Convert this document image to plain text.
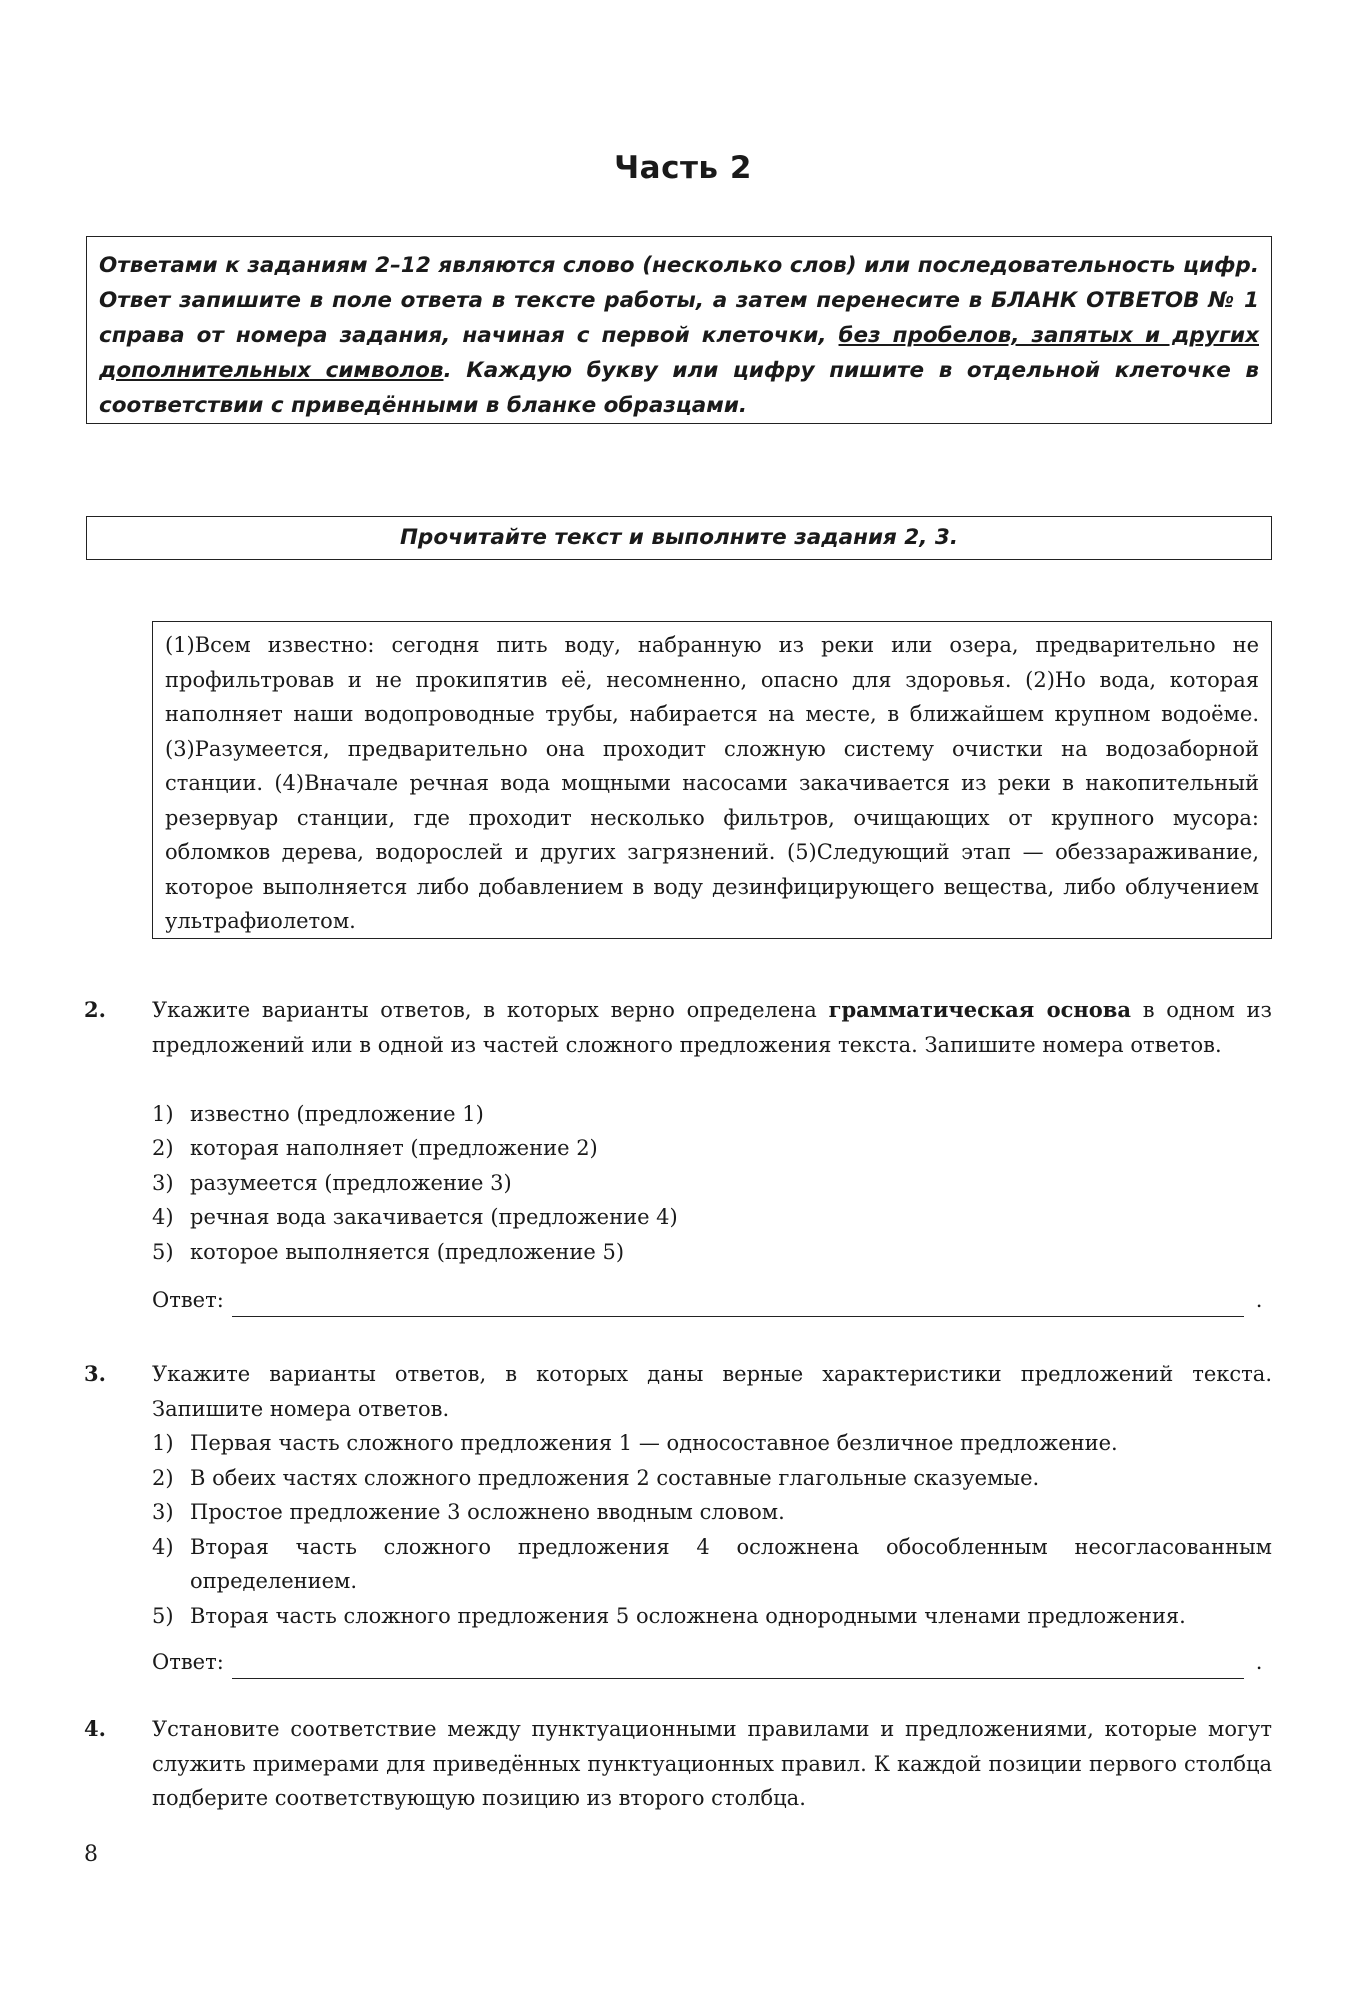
Часть 2
Ответами к заданиям 2–12 являются слово (несколько слов) или последовательность цифр. Ответ запишите в поле ответа в тексте работы, а затем перенесите в БЛАНК ОТВЕТОВ № 1 справа от номера задания, начиная с первой клеточки, без пробелов, запятых и других дополнительных символов. Каждую букву или цифру пишите в отдельной клеточке в соответствии с приведёнными в бланке образцами.
Прочитайте текст и выполните задания 2, 3.
(1)Всем известно: сегодня пить воду, набранную из реки или озера, предварительно не профильтровав и не прокипятив её, несомненно, опасно для здоровья. (2)Но вода, которая наполняет наши водопроводные трубы, набирается на месте, в ближайшем крупном водоёме. (3)Разумеется, предварительно она проходит сложную систему очистки на водозаборной станции. (4)Вначале речная вода мощными насосами закачивается из реки в накопительный резервуар станции, где проходит несколько фильтров, очищающих от крупного мусора: обломков дерева, водорослей и других загрязнений. (5)Следующий этап — обеззараживание, которое выполняется либо добавлением в воду дезинфицирующего вещества, либо облучением ультрафиолетом.
2. Укажите варианты ответов, в которых верно определена грамматическая основа в одном из предложений или в одной из частей сложного предложения текста. Запишите номера ответов.
1) известно (предложение 1)
2) которая наполняет (предложение 2)
3) разумеется (предложение 3)
4) речная вода закачивается (предложение 4)
5) которое выполняется (предложение 5)
Ответ:	.
3. Укажите варианты ответов, в которых даны верные характеристики предложений текста. Запишите номера ответов.
1) Первая часть сложного предложения 1 — односоставное безличное предложение.
2) В обеих частях сложного предложения 2 составные глагольные сказуемые.
3) Простое предложение 3 осложнено вводным словом.
4) Вторая часть сложного предложения 4 осложнена обособленным несогласованным определением.
5) Вторая часть сложного предложения 5 осложнена однородными членами предложения.
Ответ:	.
4. Установите соответствие между пунктуационными правилами и предложениями, которые могут служить примерами для приведённых пунктуационных правил. К каждой позиции первого столбца подберите соответствующую позицию из второго столбца.
8
